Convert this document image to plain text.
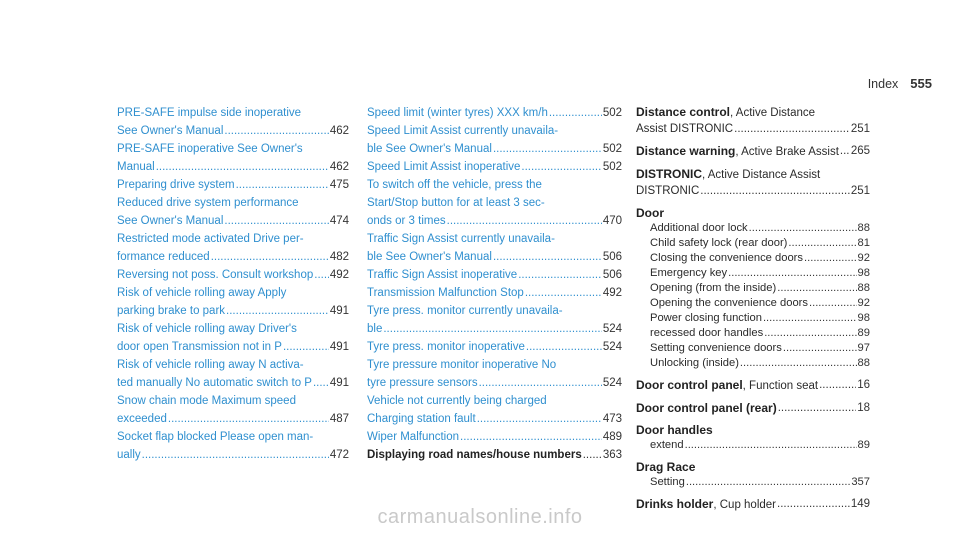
Index 555
PRE-SAFE impulse side inoperative
See Owner's Manual .....	462
PRE-SAFE inoperative See Owner's
Manual .....	462
Preparing drive system .....	475
Reduced drive system performance
See Owner's Manual .....	474
Restricted mode activated Drive per-
formance reduced .....	482
Reversing not poss. Consult workshop ..... 492
Risk of vehicle rolling away Apply
parking brake to park .....	491
Risk of vehicle rolling away Driver's
door open Transmission not in P .....	491
Risk of vehicle rolling away N activa-
ted manually No automatic switch to P ..... 491
Snow chain mode Maximum speed
exceeded .....	487
Socket flap blocked Please open man-
ually .....	472
Speed limit (winter tyres) XXX km/h .....	502
Speed Limit Assist currently unavaila-
ble See Owner's Manual .....	502
Speed Limit Assist inoperative .....	502
To switch off the vehicle, press the
Start/Stop button for at least 3 sec-
onds or 3 times .....	470
Traffic Sign Assist currently unavaila-
ble See Owner's Manual .....	506
Traffic Sign Assist inoperative .....	506
Transmission Malfunction Stop .....	492
Tyre press. monitor currently unavaila-
ble .....	524
Tyre press. monitor inoperative .....	524
Tyre pressure monitor inoperative No
tyre pressure sensors .....	524
Vehicle not currently being charged
Charging station fault .....	473
Wiper Malfunction .....	489
Displaying road names/house numbers ..... 363
Distance control, Active Distance
Assist DISTRONIC .....	251
Distance warning, Active Brake Assist ..... 265
DISTRONIC, Active Distance Assist
DISTRONIC .....	251
Door
Additional door lock .....	88
Child safety lock (rear door) .....	81
Closing the convenience doors .....	92
Emergency key .....	98
Opening (from the inside) .....	88
Opening the convenience doors .....	92
Power closing function .....	98
recessed door handles .....	89
Setting convenience doors .....	97
Unlocking (inside) .....	88
Door control panel, Function seat .....	16
Door control panel (rear) .....	18
Door handles
extend .....	89
Drag Race
Setting .....	357
Drinks holder, Cup holder .....	149
carmanualsonline.info
